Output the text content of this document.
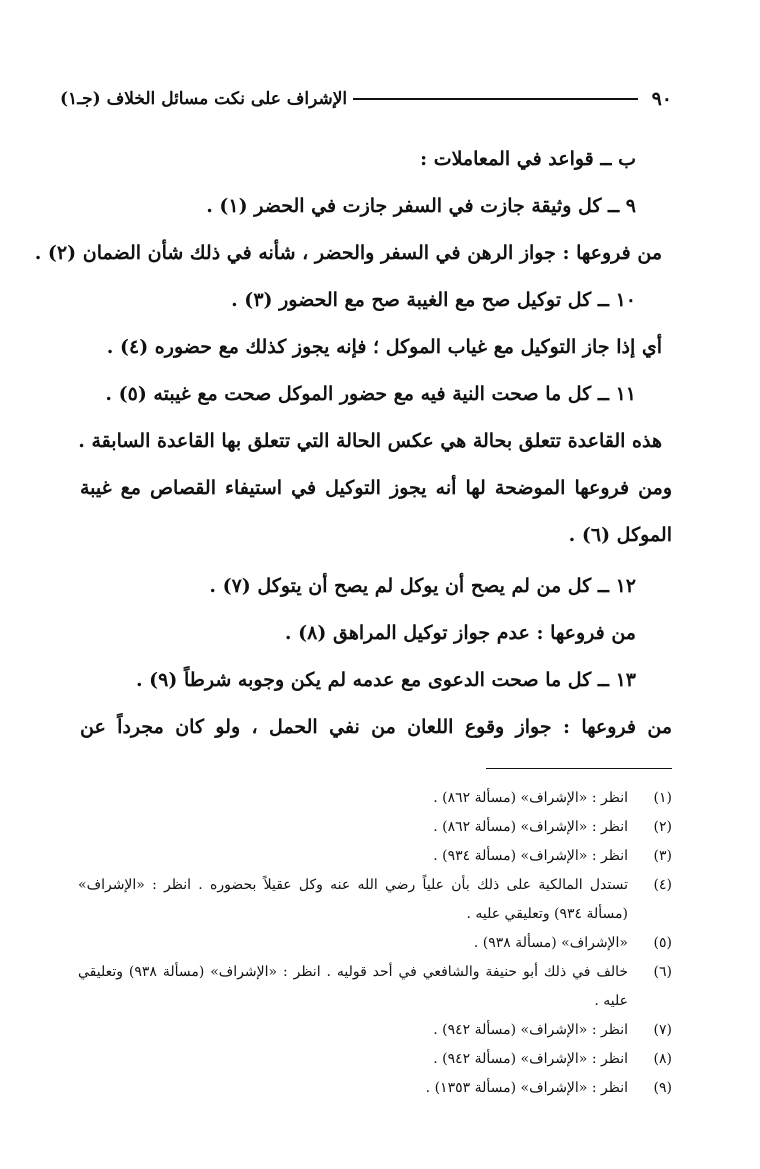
٩٠
الإشراف على نكت مسائل الخلاف (جـ١)
ب ــ قواعد في المعاملات :
٩ ــ كل وثيقة جازت في السفر جازت في الحضر (١) .
من فروعها : جواز الرهن في السفر والحضر ، شأنه في ذلك شأن الضمان (٢) .
١٠ ــ كل توكيل صح مع الغيبة صح مع الحضور (٣) .
أي إذا جاز التوكيل مع غياب الموكل ؛ فإنه يجوز كذلك مع حضوره (٤) .
١١ ــ كل ما صحت النية فيه مع حضور الموكل صحت مع غيبته (٥) .
هذه القاعدة تتعلق بحالة هي عكس الحالة التي تتعلق بها القاعدة السابقة .
ومن فروعها الموضحة لها أنه يجوز التوكيل في استيفاء القصاص مع غيبة الموكل (٦) .
١٢ ــ كل من لم يصح أن يوكل لم يصح أن يتوكل (٧) .
من فروعها : عدم جواز توكيل المراهق (٨) .
١٣ ــ كل ما صحت الدعوى مع عدمه لم يكن وجوبه شرطاً (٩) .
من فروعها : جواز وقوع اللعان من نفي الحمل ، ولو كان مجرداً عن
(١)
انظر : «الإشراف» (مسألة ٨٦٢) .
(٢)
انظر : «الإشراف» (مسألة ٨٦٢) .
(٣)
انظر : «الإشراف» (مسألة ٩٣٤) .
(٤)
تستدل المالكية على ذلك بأن علياً رضي الله عنه وكل عقيلاً بحضوره . انظر : «الإشراف» (مسألة ٩٣٤) وتعليقي عليه .
(٥)
«الإشراف» (مسألة ٩٣٨) .
(٦)
خالف في ذلك أبو حنيفة والشافعي في أحد قوليه . انظر : «الإشراف» (مسألة ٩٣٨) وتعليقي عليه .
(٧)
انظر : «الإشراف» (مسألة ٩٤٢) .
(٨)
انظر : «الإشراف» (مسألة ٩٤٢) .
(٩)
انظر : «الإشراف» (مسألة ١٣٥٣) .
